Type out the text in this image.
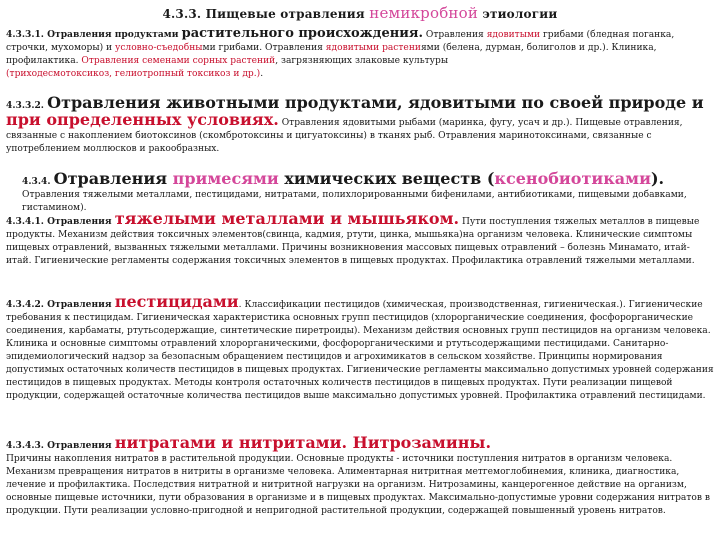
4.3.3. Пищевые отравления немикробной этиологии
4.3.3.1. Отравления продуктами растительного происхождения. Отравления ядовитыми грибами (бледная поганка, строчки, мухоморы) и условно-съедобными грибами. Отравления ядовитыми растениями (белена, дурман, болиголов и др.). Клиника, профилактика. Отравления семенами сорных растений, загрязняющих злаковые культуры
(триходесмотоксикоз, гелиотропный токсикоз и др.).
4.3.3.2. Отравления животными продуктами, ядовитыми по своей природе и при определенных условиях. Отравления ядовитыми рыбами (маринка, фугу, усач и др.). Пищевые отравления, связанные с накоплением биотоксинов (скомбротоксины и цигуатоксины) в тканях рыб. Отравления маринотоксинами, связанные с употреблением моллюсков и ракообразных.
4.3.4. Отравления примесями химических веществ (ксенобиотиками). Отравления тяжелыми металлами, пестицидами, нитратами, полихлорированными бифенилами, антибиотиками, пищевыми добавками, гистамином).
4.3.4.1. Отравления тяжелыми металлами и мышьяком. Пути поступления тяжелых металлов в пищевые продукты. Механизм действия токсичных элементов(свинца, кадмия, ртути, цинка, мышьяка)на организм человека. Клинические симптомы пищевых отравлений, вызванных тяжелыми металлами. Причины возникновения массовых пищевых отравлений – болезнь Минамато, итай-итай. Гигиенические регламенты содержания токсичных элементов в пищевых продуктах. Профилактика отравлений тяжелыми металлами.
4.3.4.2. Отравления пестицидами. Классификации пестицидов (химическая, производственная, гигиеническая.). Гигиенические требования к пестицидам. Гигиеническая характеристика основных групп пестицидов (хлорорганические соединения, фосфорорганические соединения, карбаматы, ртутьсодержащие, синтетические пиретроиды). Механизм действия основных групп пестицидов на организм человека. Клиника и основные симптомы отравлений хлорорганическими, фосфорорганическими и ртутьсодержащими пестицидами. Санитарно-эпидемиологический надзор за безопасным обращением пестицидов и агрохимикатов в сельском хозяйстве. Принципы нормирования допустимых остаточных количеств пестицидов в пищевых продуктах. Гигиенические регламенты максимально допустимых уровней содержания пестицидов в пищевых продуктах. Методы контроля остаточных количеств пестицидов в пищевых продуктах. Пути реализации пищевой продукции, содержащей остаточные количества пестицидов выше максимально допустимых уровней. Профилактика отравлений пестицидами.
4.3.4.3. Отравления нитратами и нитритами. Нитрозамины.
Причины накопления нитратов в растительной продукции. Основные продукты - источники поступления нитратов в организм человека. Механизм превращения нитратов в нитриты в организме человека. Алиментарная нитритная метгемоглобинемия, клиника, диагностика, лечение и профилактика. Последствия нитратной и нитритной нагрузки на организм. Нитрозамины, канцерогенное действие на организм, основные пищевые источники, пути образования в организме и в пищевых продуктах. Максимально-допустимые уровни содержания нитратов в продукции. Пути реализации условно-пригодной и непригодной растительной продукции, содержащей повышенный уровень нитратов.
